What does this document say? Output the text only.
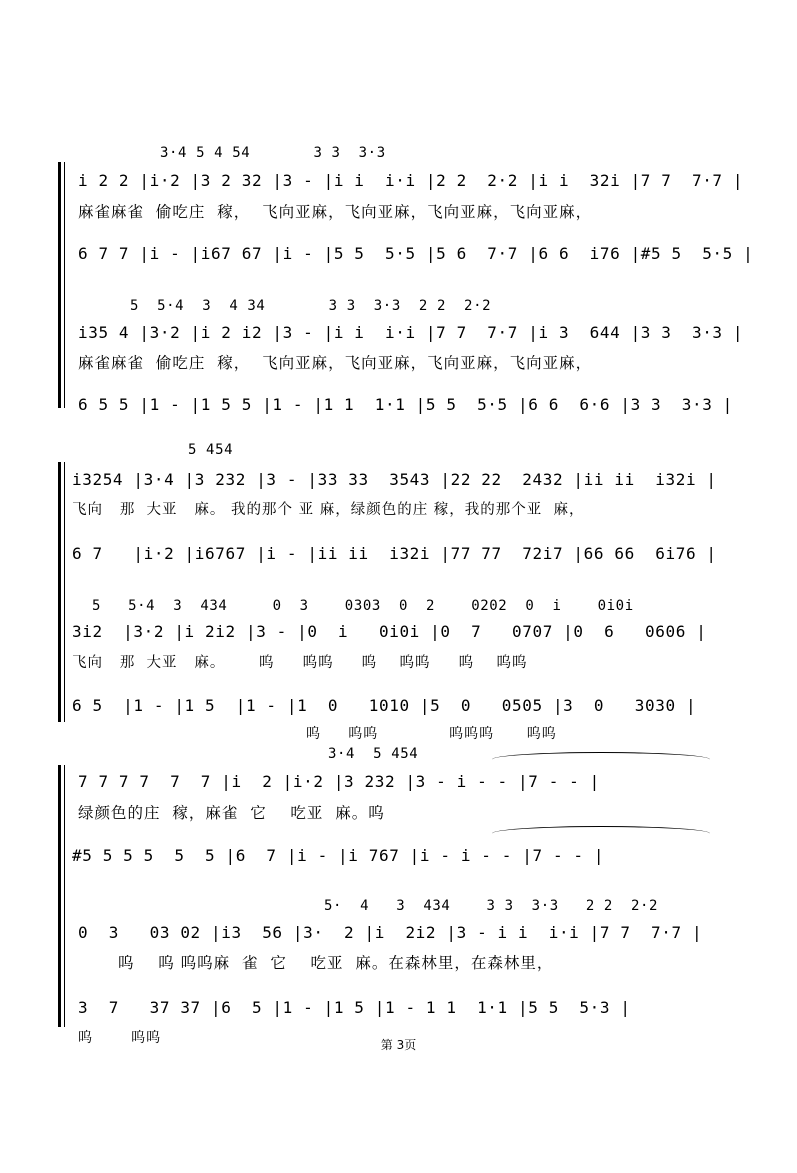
3·4 5 4 54       3 3  3·3
i 2 2 |i·2 |3 2 32 |3 - |i i  i·i |2 2  2·2 |i i  32i |7 7  7·7 |
麻雀麻雀  偷吃庄  稼，  飞向亚麻，飞向亚麻，飞向亚麻，飞向亚麻，
6 7 7 |i - |i67 67 |i - |5 5  5·5 |5 6  7·7 |6 6  i76 |#5 5  5·5 |
5  5·4  3  4 34       3 3  3·3  2 2  2·2
i35 4 |3·2 |i 2 i2 |3 - |i i  i·i |7 7  7·7 |i 3  644 |3 3  3·3 |
麻雀麻雀  偷吃庄  稼，  飞向亚麻，飞向亚麻，飞向亚麻，飞向亚麻，
6 5 5 |1 - |1 5 5 |1 - |1 1  1·1 |5 5  5·5 |6 6  6·6 |3 3  3·3 |
5 454
i3254 |3·4 |3 232 |3 - |33 33  3543 |22 22  2432 |ii ii  i32i |
飞向   那  大亚   麻。 我的那个 亚 麻，绿颜色的庄 稼，我的那个亚  麻，
6 7   |i·2 |i6767 |i - |ii ii  i32i |77 77  72i7 |66 66  6i76 |
5   5·4  3  434     0  3    0303  0  2    0202  0  i    0i0i
3i2  |3·2 |i 2i2 |3 - |0  i   0i0i |0  7   0707 |0  6   0606 |
飞向   那  大亚   麻。      呜     呜呜     呜    呜呜     呜    呜呜
6 5  |1 - |1 5  |1 - |1  0   1010 |5  0   0505 |3  0   3030 |
呜     呜呜             呜呜呜      呜呜
3·4  5 454
7 7 7 7  7  7 |i  2 |i·2 |3 232 |3 - i - - |7 - - |
绿颜色的庄  稼，麻雀  它    吃亚  麻。呜
#5 5 5 5  5  5 |6  7 |i - |i 767 |i - i - - |7 - - |
5·  4   3  434    3 3  3·3   2 2  2·2
0  3   03 02 |i3  56 |3·  2 |i  2i2 |3 - i i  i·i |7 7  7·7 |
呜    呜 呜呜麻  雀  它    吃亚  麻。在森林里，在森林里，
3  7   37 37 |6  5 |1 - |1 5 |1 - 1 1  1·1 |5 5  5·3 |
呜       呜呜	第 3页
